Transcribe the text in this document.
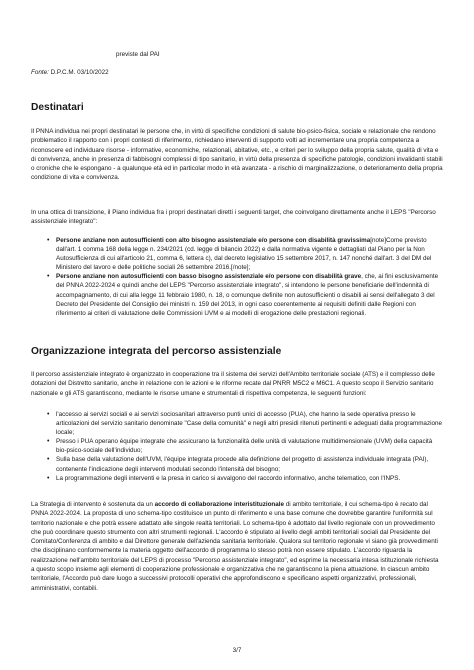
previste dal PAI

Fonte: D.P.C.M. 03/10/2022

Destinatari

Il PNNA individua nei propri destinatari le persone che, in virtù di specifiche condizioni di salute bio-psico-fisica, sociale e relazionale che rendono problematico il rapporto con i propri contesti di riferimento, richiedano interventi di supporto volti ad incrementare una propria competenza a riconoscere ed individuare risorse - informative, economiche, relazionali, abitative, etc., e criteri per lo sviluppo della propria salute, qualità di vita e di convivenza, anche in presenza di fabbisogni complessi di tipo sanitario, in virtù della presenza di specifiche patologie, condizioni invalidanti stabili o croniche che le espongano - a qualunque età ed in particolar modo in età avanzata - a rischio di marginalizzazione, o deterioramento della propria condizione di vita e convivenza.

In una ottica di transizione, il Piano individua fra i propri destinatari diretti i seguenti target, che coinvolgano direttamente anche il LEPS "Percorso assistenziale integrato":

• Persone anziane non autosufficienti con alto bisogno assistenziale e/o persone con disabilità gravissima[note]Come previsto dall'art. 1 comma 168 della legge n. 234/2021 (cd. legge di bilancio 2022) e dalla normativa vigente e dettagliati dal Piano per la Non Autosufficienza di cui all'articolo 21, comma 6, lettera c), dal decreto legislativo 15 settembre 2017, n. 147 nonché dall'art. 3 del DM del Ministero del lavoro e delle politiche sociali 26 settembre 2016.[/note];
• Persone anziane non autosufficienti con basso bisogno assistenziale e/o persone con disabilità grave, che, ai fini esclusivamente del PNNA 2022-2024 e quindi anche del LEPS "Percorso assistenziale integrato", si intendono le persone beneficiarie dell'indennità di accompagnamento, di cui alla legge 11 febbraio 1980, n. 18, o comunque definite non autosufficienti o disabili ai sensi dell'allegato 3 del Decreto del Presidente del Consiglio dei ministri n. 159 del 2013, in ogni caso coerentemente ai requisiti definiti dalle Regioni con riferimento ai criteri di valutazione delle Commissioni UVM e ai modelli di erogazione delle prestazioni regionali.
Organizzazione integrata del percorso assistenziale

Il percorso assistenziale integrato è organizzato in cooperazione tra il sistema dei servizi dell'Ambito territoriale sociale (ATS) e il complesso delle dotazioni del Distretto sanitario, anche in relazione con le azioni e le riforme recate dal PNRR M5C2 e M6C1. A questo scopo il Servizio sanitario nazionale e gli ATS garantiscono, mediante le risorse umane e strumentali di rispettiva competenza, le seguenti funzioni:

• l'accesso ai servizi sociali e ai servizi sociosanitari attraverso punti unici di accesso (PUA), che hanno la sede operativa presso le articolazioni del servizio sanitario denominate "Case della comunità" e negli altri presidi ritenuti pertinenti e adeguati dalla programmazione locale;
• Presso i PUA operano équipe integrate che assicurano la funzionalità delle unità di valutazione multidimensionale (UVM) della capacità bio-psico-sociale dell'individuo;
• Sulla base della valutazione dell'UVM, l'équipe integrata procede alla definizione del progetto di assistenza individuale integrata (PAI), contenente l'indicazione degli interventi modulati secondo l'intensità del bisogno;
• La programmazione degli interventi e la presa in carico si avvalgono del raccordo informativo, anche telematico, con l'INPS.

La Strategia di intervento è sostenuta da un accordo di collaborazione interistituzionale di ambito territoriale, il cui schema-tipo è recato dal PNNA 2022-2024. La proposta di uno schema-tipo costituisce un punto di riferimento e una base comune che dovrebbe garantire l'uniformità sul territorio nazionale e che potrà essere adattato alle singole realtà territoriali. Lo schema-tipo è adottato dal livello regionale con un provvedimento che può coordinare questo strumento con altri strumenti regionali. L'accordo è stipulato al livello degli ambiti territoriali sociali dal Presidente del Comitato/Conferenza di ambito e dal Direttore generale dell'azienda sanitaria territoriale. Qualora sul territorio regionale vi siano già provvedimenti che disciplinano conformemente la materia oggetto dell'accordo di programma lo stesso potrà non essere stipulato. L'accordo riguarda la realizzazione nell'ambito territoriale del LEPS di processo "Percorso assistenziale integrato", ed esprime la necessaria intesa istituzionale richiesta a questo scopo insieme agli elementi di cooperazione professionale e organizzativa che ne garantiscono la piena attuazione. In ciascun ambito territoriale, l'Accordo può dare luogo a successivi protocolli operativi che approfondiscono e specificano aspetti organizzativi, professionali, amministrativi, contabili.

3/7
